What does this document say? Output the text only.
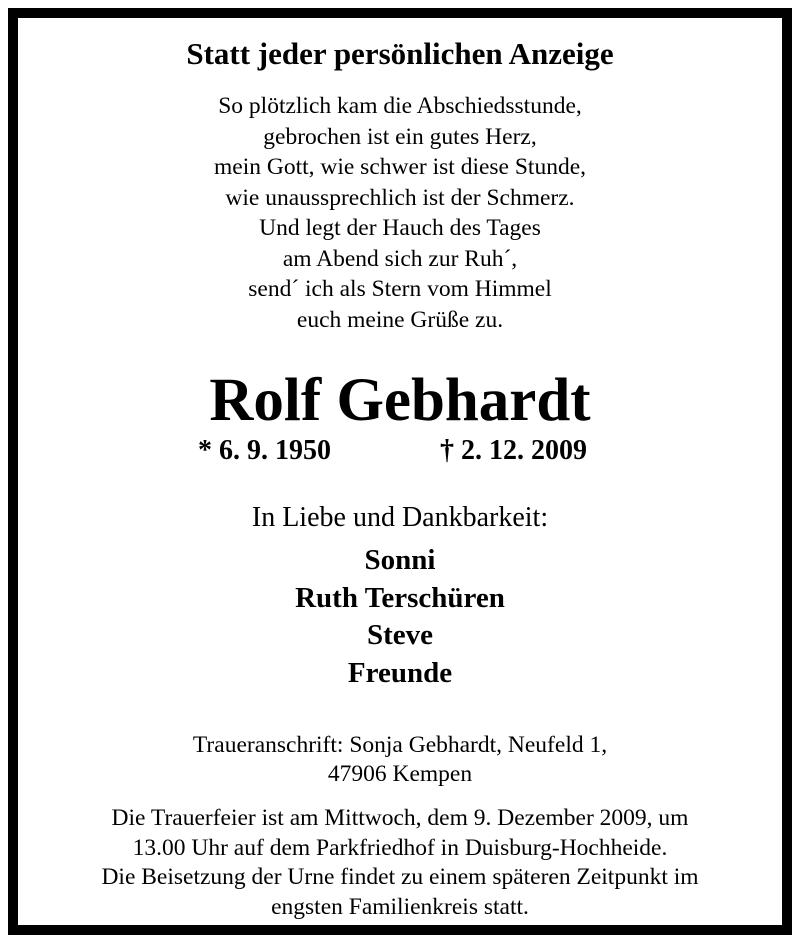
Statt jeder persönlichen Anzeige
So plötzlich kam die Abschiedsstunde,
gebrochen ist ein gutes Herz,
mein Gott, wie schwer ist diese Stunde,
wie unaussprechlich ist der Schmerz.
Und legt der Hauch des Tages
am Abend sich zur Ruh´,
send´ ich als Stern vom Himmel
euch meine Grüße zu.
Rolf Gebhardt
* 6. 9. 1950	† 2. 12. 2009
In Liebe und Dankbarkeit:
Sonni
Ruth Terschüren
Steve
Freunde
Traueranschrift: Sonja Gebhardt, Neufeld 1,
47906 Kempen
Die Trauerfeier ist am Mittwoch, dem 9. Dezember 2009, um
13.00 Uhr auf dem Parkfriedhof in Duisburg-Hochheide.
Die Beisetzung der Urne findet zu einem späteren Zeitpunkt im
engsten Familienkreis statt.
